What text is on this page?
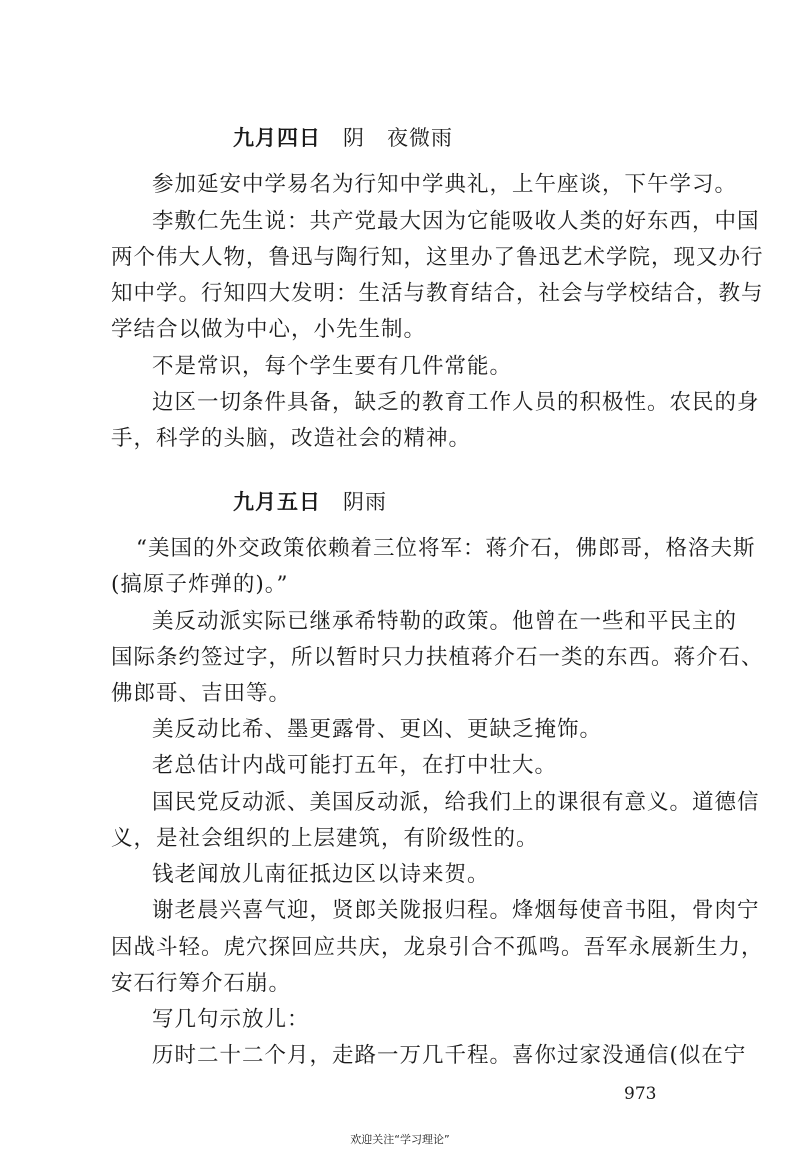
九月四日 阴　夜微雨
参加延安中学易名为行知中学典礼，上午座谈，下午学习。
李敷仁先生说：共产党最大因为它能吸收人类的好东西，中国
两个伟大人物，鲁迅与陶行知，这里办了鲁迅艺术学院，现又办行
知中学。行知四大发明：生活与教育结合，社会与学校结合，教与
学结合以做为中心，小先生制。
不是常识，每个学生要有几件常能。
边区一切条件具备，缺乏的教育工作人员的积极性。农民的身
手，科学的头脑，改造社会的精神。
九月五日 阴雨
“美国的外交政策依赖着三位将军：蒋介石，佛郎哥，格洛夫斯
(搞原子炸弹的)。”
美反动派实际已继承希特勒的政策。他曾在一些和平民主的
国际条约签过字，所以暂时只力扶植蒋介石一类的东西。蒋介石、
佛郎哥、吉田等。
美反动比希、墨更露骨、更凶、更缺乏掩饰。
老总估计内战可能打五年，在打中壮大。
国民党反动派、美国反动派，给我们上的课很有意义。道德信
义，是社会组织的上层建筑，有阶级性的。
钱老闻放儿南征抵边区以诗来贺。
谢老晨兴喜气迎，贤郎关陇报归程。烽烟每使音书阻，骨肉宁
因战斗轻。虎穴探回应共庆，龙泉引合不孤鸣。吾军永展新生力，
安石行筹介石崩。
写几句示放儿：
历时二十二个月，走路一万几千程。喜你过家没通信(似在宁
973
欢迎关注“学习理论”
